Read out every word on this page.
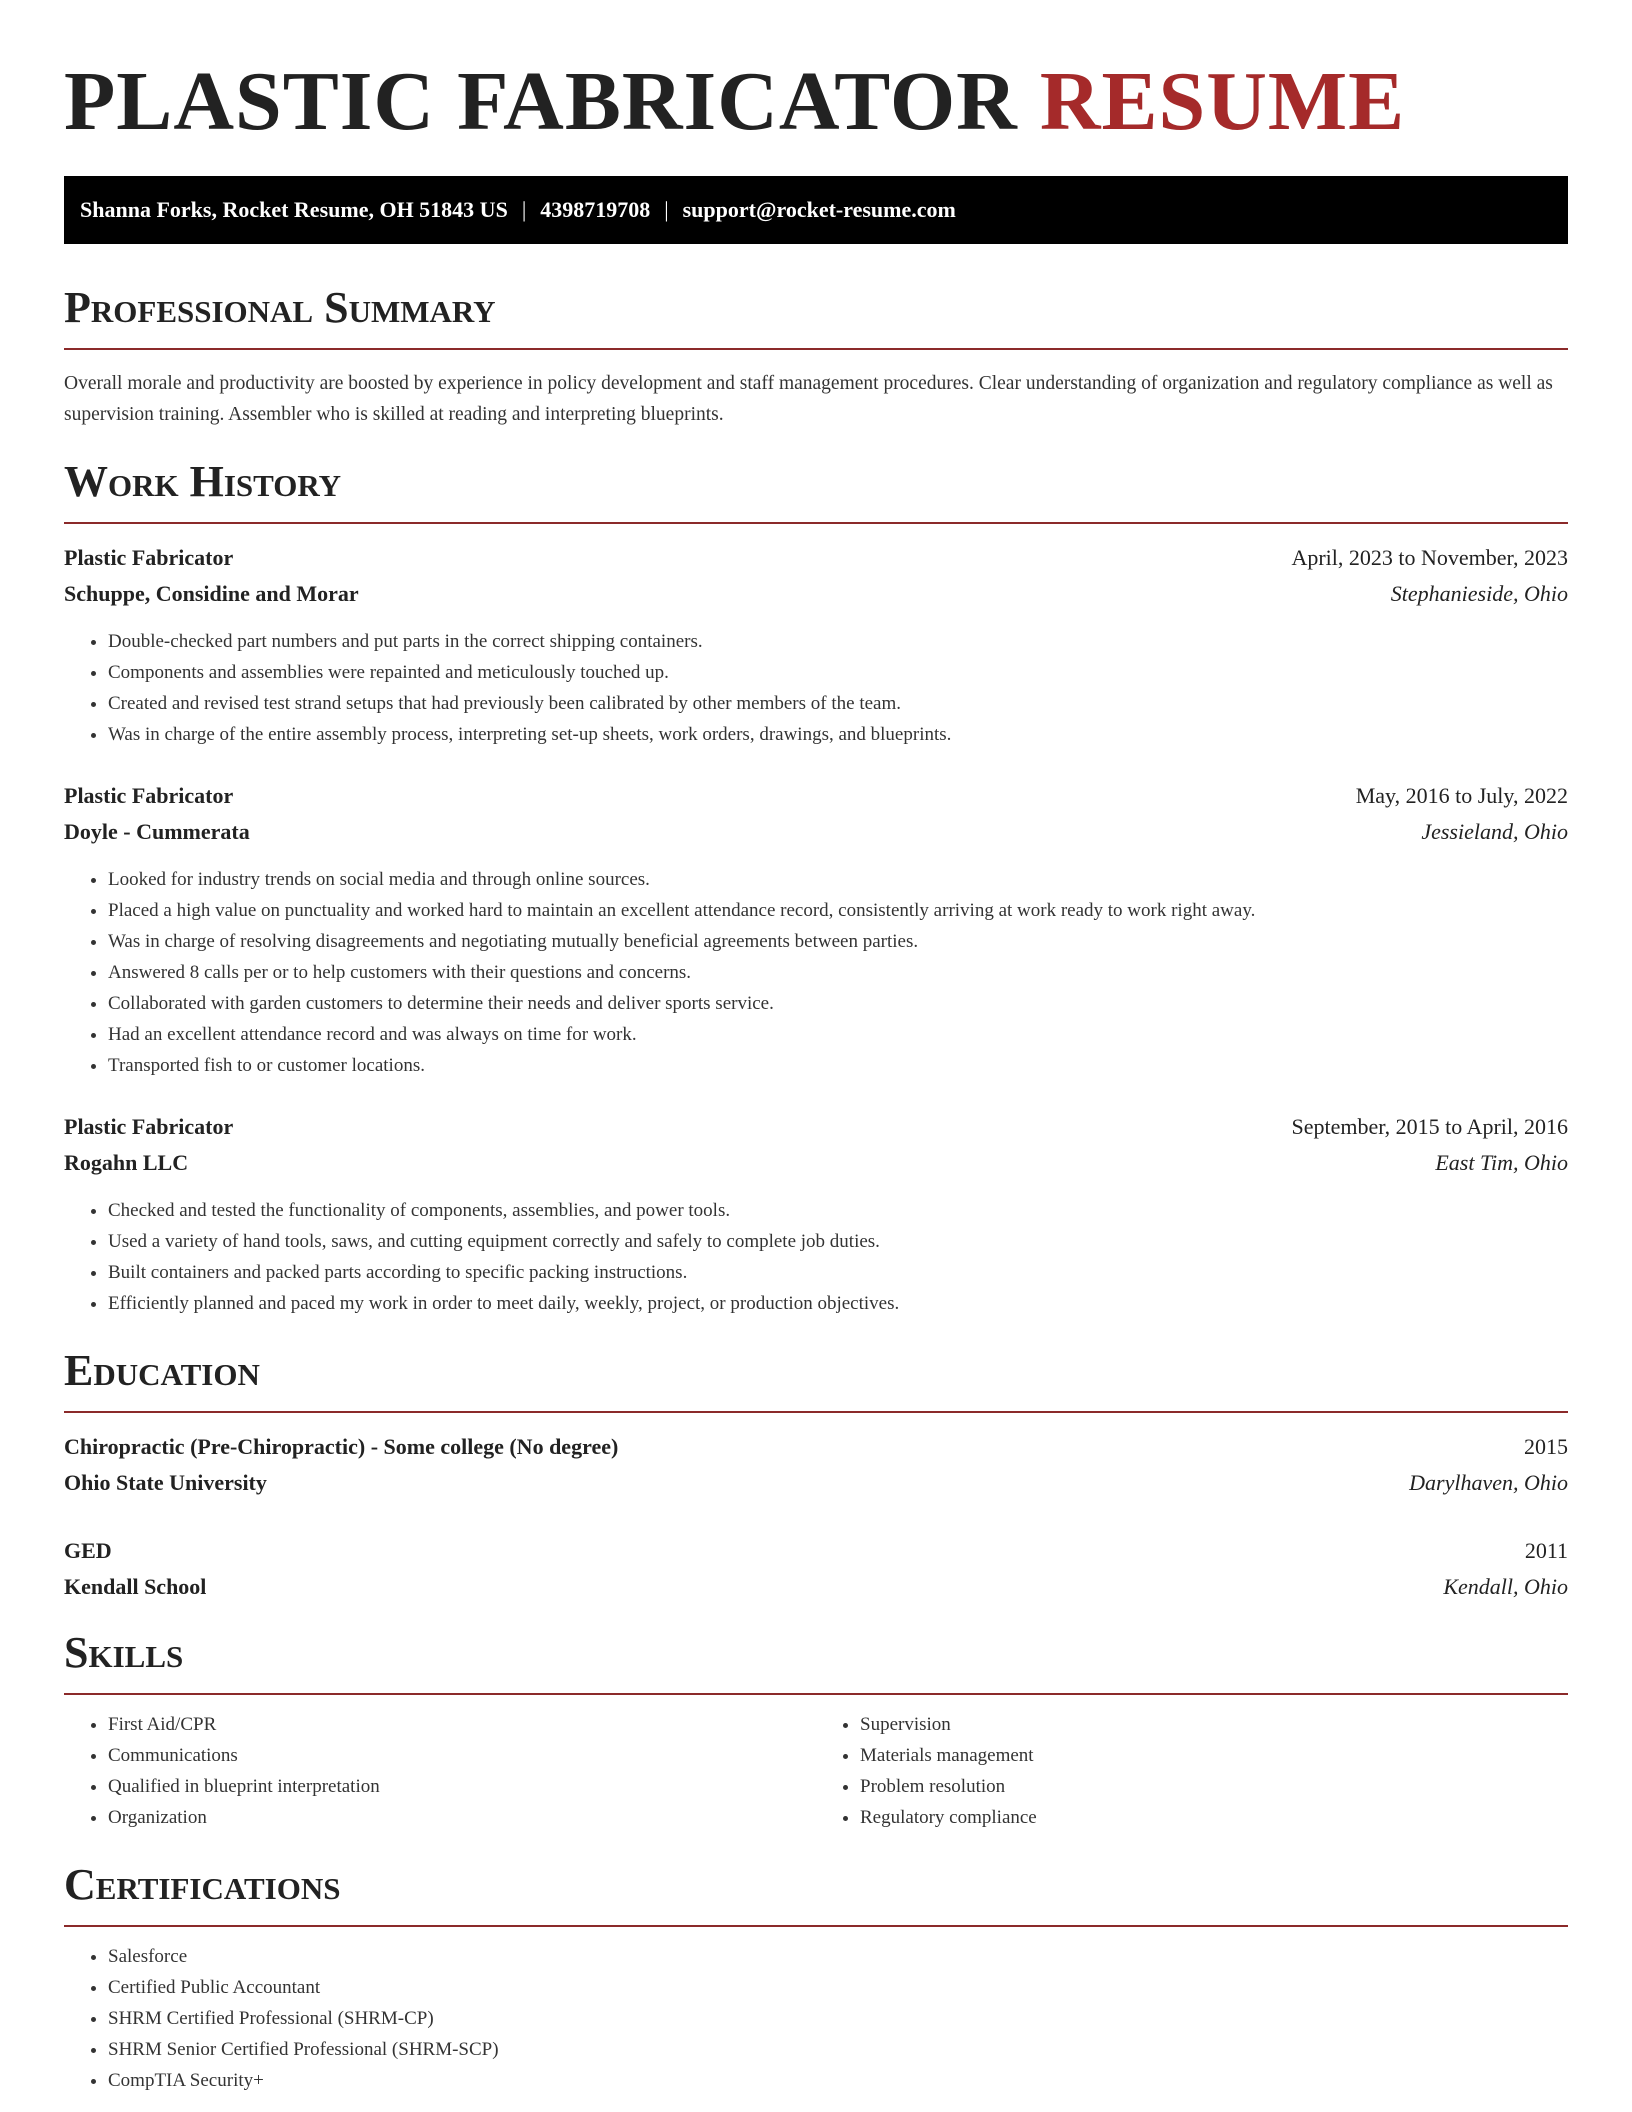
PLASTIC FABRICATOR RESUME
Shanna Forks, Rocket Resume, OH 51843 US | 4398719708 | support@rocket-resume.com
Professional Summary

Overall morale and productivity are boosted by experience in policy development and staff management procedures. Clear understanding of organization and regulatory compliance as well as supervision training. Assembler who is skilled at reading and interpreting blueprints.

Work History
Plastic Fabricator	April, 2023 to November, 2023
Schuppe, Considine and Morar	Stephanieside, Ohio
• Double-checked part numbers and put parts in the correct shipping containers.
• Components and assemblies were repainted and meticulously touched up.
• Created and revised test strand setups that had previously been calibrated by other members of the team.
• Was in charge of the entire assembly process, interpreting set-up sheets, work orders, drawings, and blueprints.
Plastic Fabricator	May, 2016 to July, 2022
Doyle - Cummerata	Jessieland, Ohio
• Looked for industry trends on social media and through online sources.
• Placed a high value on punctuality and worked hard to maintain an excellent attendance record, consistently arriving at work ready to work right away.
• Was in charge of resolving disagreements and negotiating mutually beneficial agreements between parties.
• Answered 8 calls per or to help customers with their questions and concerns.
• Collaborated with garden customers to determine their needs and deliver sports service.
• Had an excellent attendance record and was always on time for work.
• Transported fish to or customer locations.
Plastic Fabricator	September, 2015 to April, 2016
Rogahn LLC	East Tim, Ohio
• Checked and tested the functionality of components, assemblies, and power tools.
• Used a variety of hand tools, saws, and cutting equipment correctly and safely to complete job duties.
• Built containers and packed parts according to specific packing instructions.
• Efficiently planned and paced my work in order to meet daily, weekly, project, or production objectives.
Education
Chiropractic (Pre-Chiropractic) - Some college (No degree)	2015
Ohio State University	Darylhaven, Ohio
GED	2011
Kendall School	Kendall, Ohio
Skills
• First Aid/CPR
• Communications
• Qualified in blueprint interpretation
• Organization
• Supervision
• Materials management
• Problem resolution
• Regulatory compliance
Certifications
• Salesforce
• Certified Public Accountant
• SHRM Certified Professional (SHRM-CP)
• SHRM Senior Certified Professional (SHRM-SCP)
• CompTIA Security+
